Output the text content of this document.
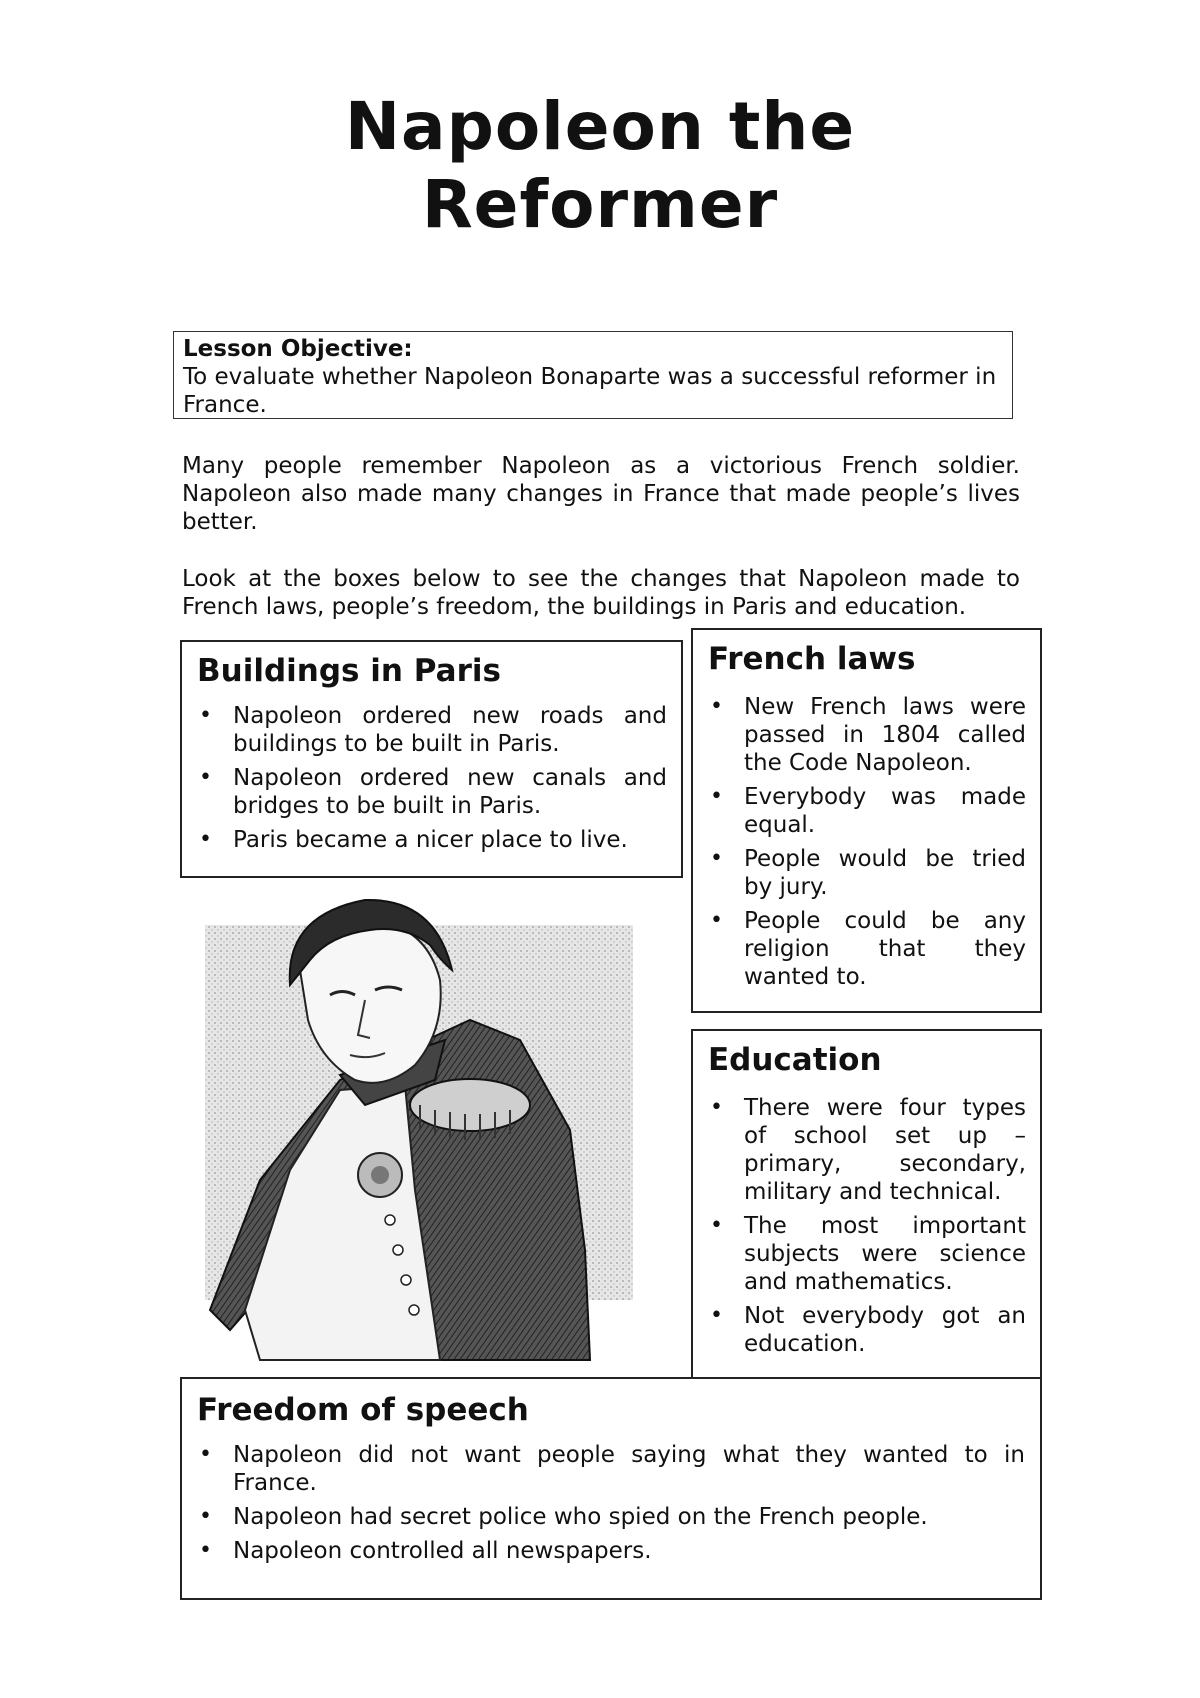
Napoleon the
Reformer
Lesson Objective:
To evaluate whether Napoleon Bonaparte was a successful reformer in France.
Many people remember Napoleon as a victorious French soldier. Napoleon also made many changes in France that made people’s lives better.
Look at the boxes below to see the changes that Napoleon made to French laws, people’s freedom, the buildings in Paris and education.
Buildings in Paris
• Napoleon ordered new roads and buildings to be built in Paris.
• Napoleon ordered new canals and bridges to be built in Paris.
• Paris became a nicer place to live.
French laws
• New French laws were passed in 1804 called the Code Napoleon.
• Everybody was made equal.
• People would be tried by jury.
• People could be any religion that they wanted to.
Education
• There were four types of school set up – primary, secondary, military and technical.
• The most important subjects were science and mathematics.
• Not everybody got an education.
Freedom of speech
• Napoleon did not want people saying what they wanted to in France.
• Napoleon had secret police who spied on the French people.
• Napoleon controlled all newspapers.
